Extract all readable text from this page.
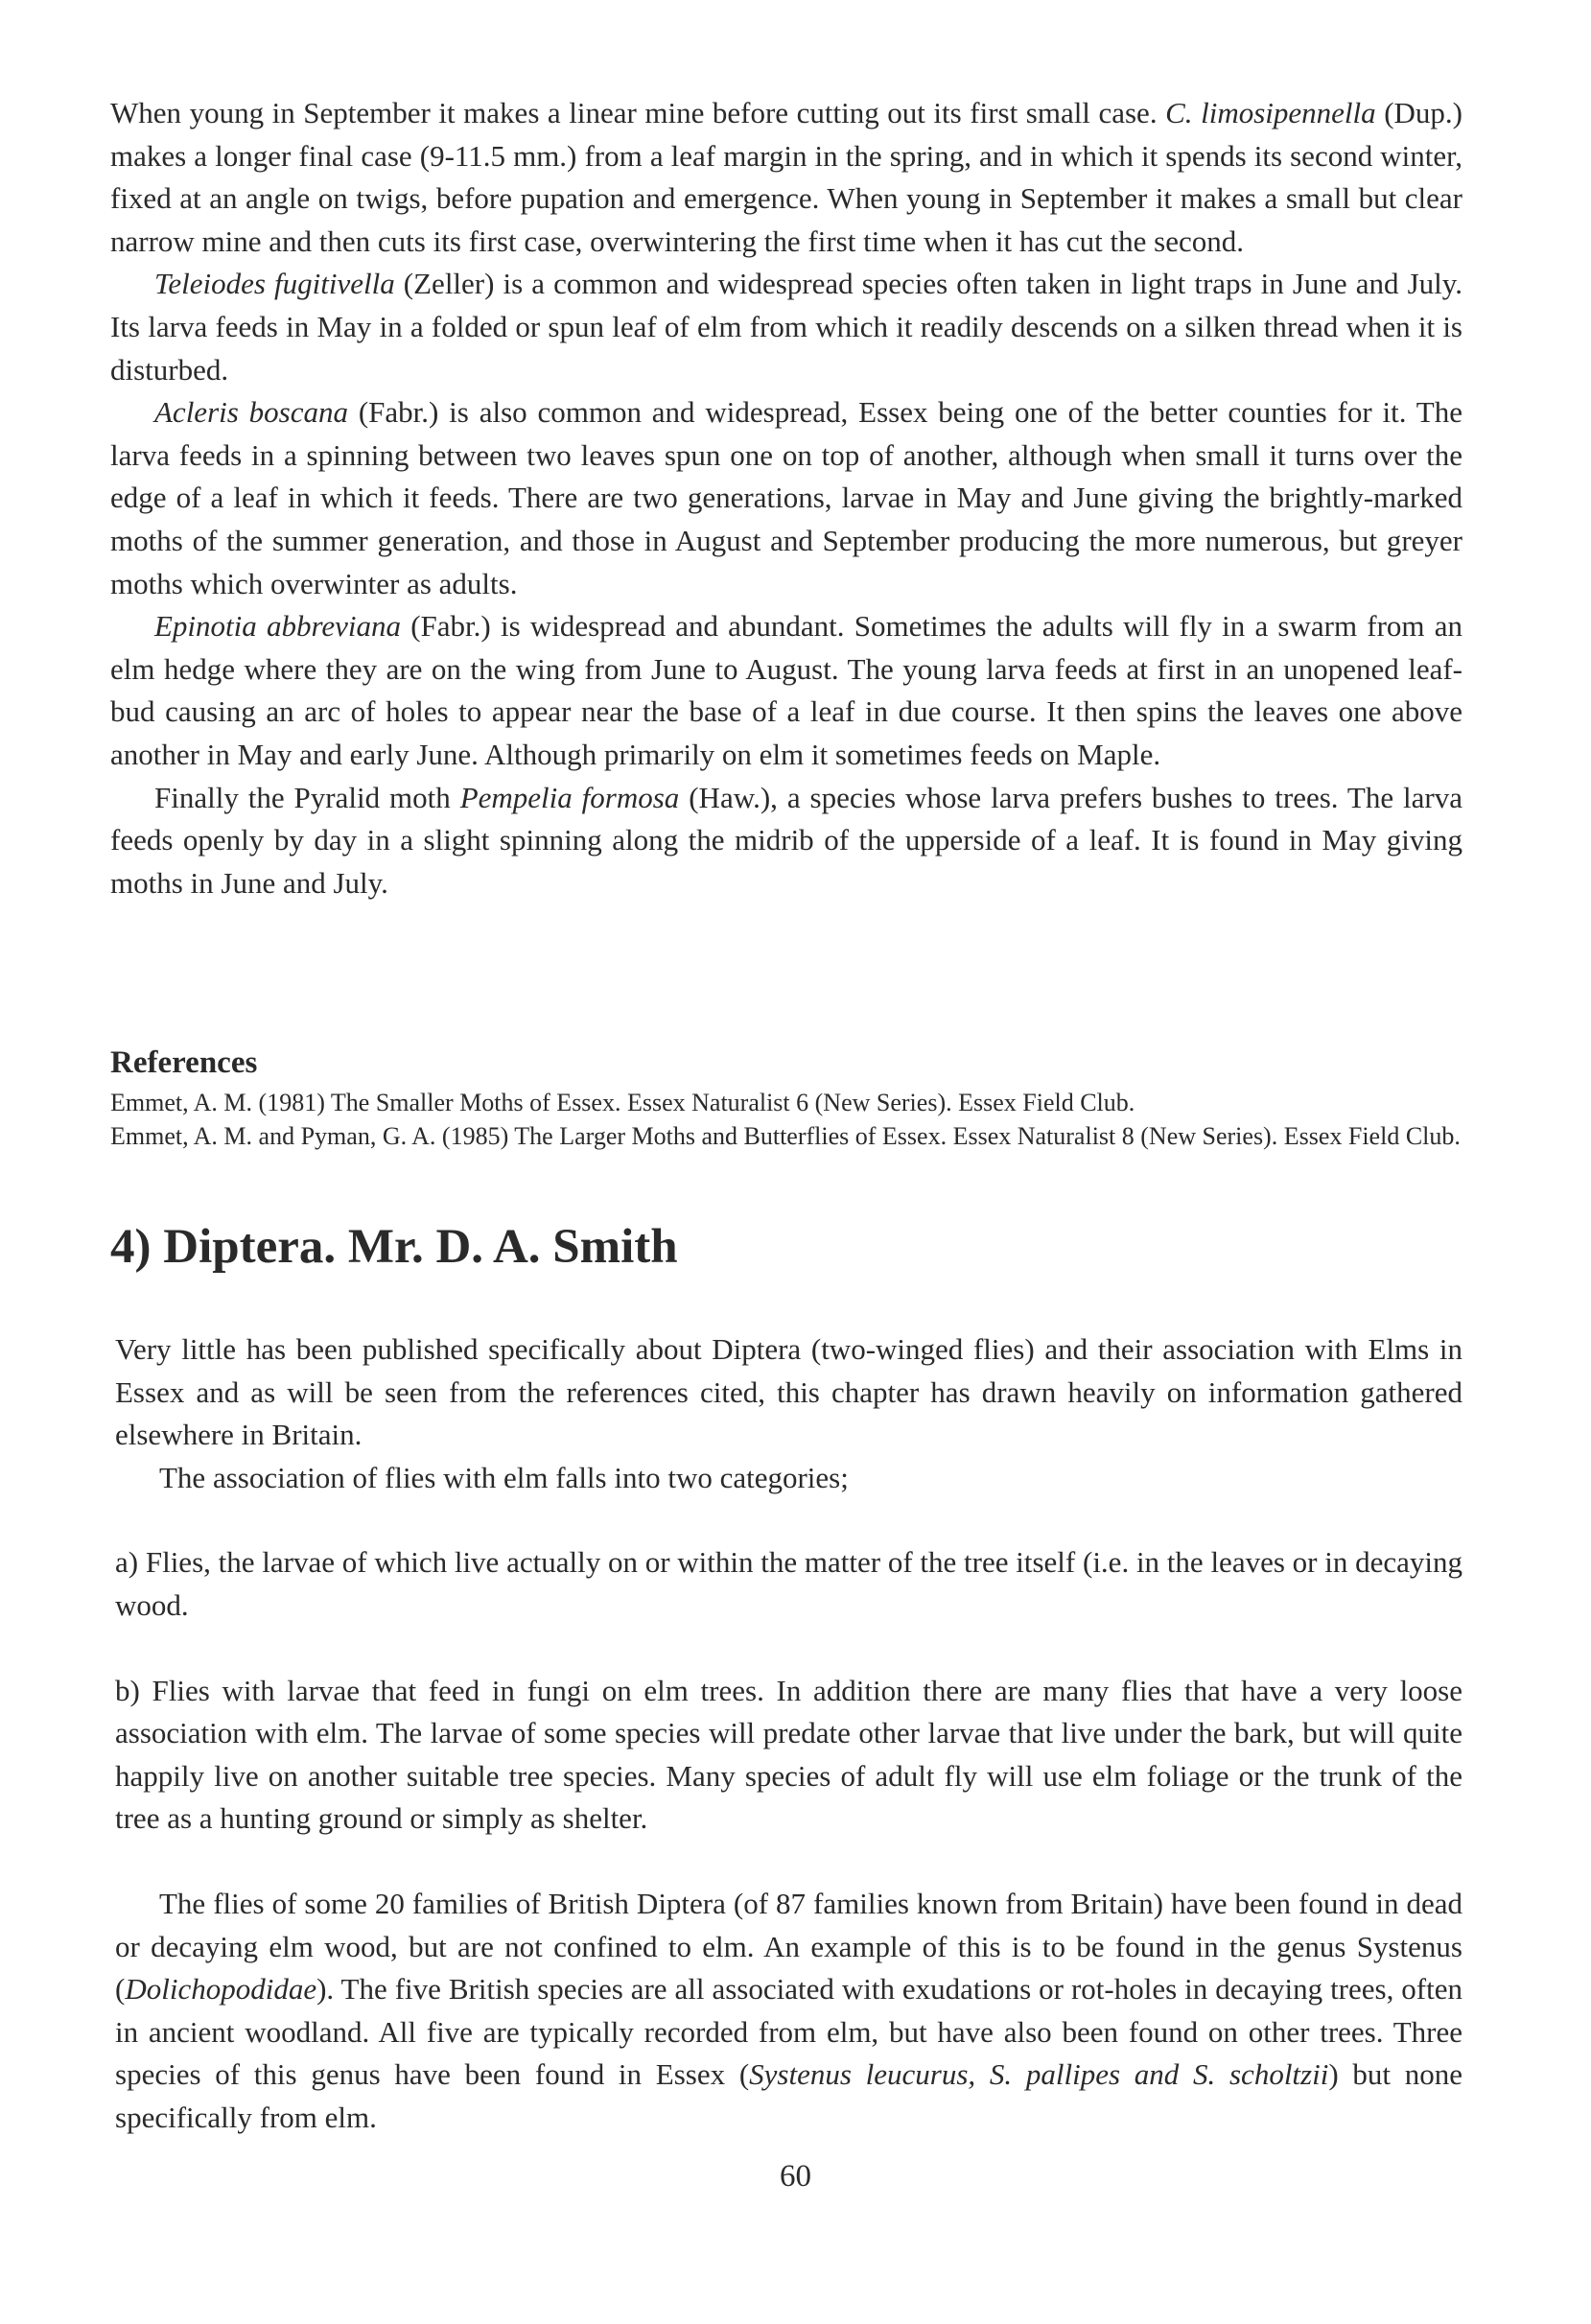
When young in September it makes a linear mine before cutting out its first small case. C. limosipennella (Dup.) makes a longer final case (9-11.5 mm.) from a leaf margin in the spring, and in which it spends its second winter, fixed at an angle on twigs, before pupation and emergence. When young in September it makes a small but clear narrow mine and then cuts its first case, overwintering the first time when it has cut the second.

Teleiodes fugitivella (Zeller) is a common and widespread species often taken in light traps in June and July. Its larva feeds in May in a folded or spun leaf of elm from which it readily descends on a silken thread when it is disturbed.

Acleris boscana (Fabr.) is also common and widespread, Essex being one of the better counties for it. The larva feeds in a spinning between two leaves spun one on top of another, although when small it turns over the edge of a leaf in which it feeds. There are two generations, larvae in May and June giving the brightly-marked moths of the summer generation, and those in August and September producing the more numerous, but greyer moths which overwinter as adults.

Epinotia abbreviana (Fabr.) is widespread and abundant. Sometimes the adults will fly in a swarm from an elm hedge where they are on the wing from June to August. The young larva feeds at first in an unopened leaf-bud causing an arc of holes to appear near the base of a leaf in due course. It then spins the leaves one above another in May and early June. Although primarily on elm it sometimes feeds on Maple.

Finally the Pyralid moth Pempelia formosa (Haw.), a species whose larva prefers bushes to trees. The larva feeds openly by day in a slight spinning along the midrib of the upperside of a leaf. It is found in May giving moths in June and July.

References

Emmet, A. M. (1981) The Smaller Moths of Essex. Essex Naturalist 6 (New Series). Essex Field Club.

Emmet, A. M. and Pyman, G. A. (1985) The Larger Moths and Butterflies of Essex. Essex Naturalist 8 (New Series). Essex Field Club.

4) Diptera. Mr. D. A. Smith

Very little has been published specifically about Diptera (two-winged flies) and their association with Elms in Essex and as will be seen from the references cited, this chapter has drawn heavily on information gathered elsewhere in Britain.

The association of flies with elm falls into two categories;

a) Flies, the larvae of which live actually on or within the matter of the tree itself (i.e. in the leaves or in decaying wood.

b) Flies with larvae that feed in fungi on elm trees. In addition there are many flies that have a very loose association with elm. The larvae of some species will predate other larvae that live under the bark, but will quite happily live on another suitable tree species. Many species of adult fly will use elm foliage or the trunk of the tree as a hunting ground or simply as shelter.

The flies of some 20 families of British Diptera (of 87 families known from Britain) have been found in dead or decaying elm wood, but are not confined to elm. An example of this is to be found in the genus Systenus (Dolichopodidae). The five British species are all associated with exudations or rot-holes in decaying trees, often in ancient woodland. All five are typically recorded from elm, but have also been found on other trees. Three species of this genus have been found in Essex (Systenus leucurus, S. pallipes and S. scholtzii) but none specifically from elm.

60
